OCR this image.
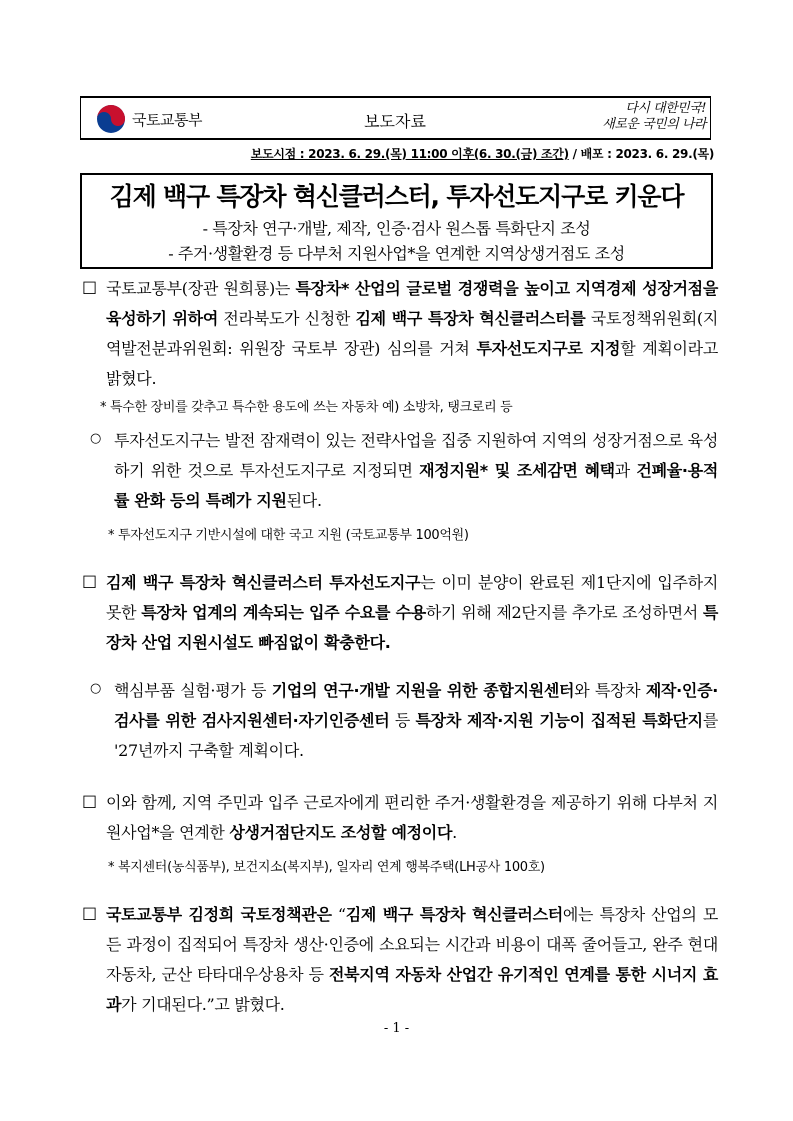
국토교통부	보도자료
다시 대한민국!
새로운 국민의 나라
보도시점 : 2023. 6. 29.(목) 11:00 이후(6. 30.(금) 조간) / 배포 : 2023. 6. 29.(목)
김제 백구 특장차 혁신클러스터, 투자선도지구로 키운다
- 특장차 연구·개발, 제작, 인증·검사 원스톱 특화단지 조성
- 주거·생활환경 등 다부처 지원사업*을 연계한 지역상생거점도 조성
□ 국토교통부(장관 원희룡)는 특장차* 산업의 글로벌 경쟁력을 높이고 지역경제 성장거점을 육성하기 위하여 전라북도가 신청한 김제 백구 특장차 혁신클러스터를 국토정책위원회(지역발전분과위원회: 위원장 국토부 장관) 심의를 거쳐 투자선도지구로 지정할 계획이라고 밝혔다.
* 특수한 장비를 갖추고 특수한 용도에 쓰는 자동차 예) 소방차, 탱크로리 등
○ 투자선도지구는 발전 잠재력이 있는 전략사업을 집중 지원하여 지역의 성장거점으로 육성하기 위한 것으로 투자선도지구로 지정되면 재정지원* 및 조세감면 혜택과 건폐율·용적률 완화 등의 특례가 지원된다.
* 투자선도지구 기반시설에 대한 국고 지원 (국토교통부 100억원)
□ 김제 백구 특장차 혁신클러스터 투자선도지구는 이미 분양이 완료된 제1단지에 입주하지 못한 특장차 업계의 계속되는 입주 수요를 수용하기 위해 제2단지를 추가로 조성하면서 특장차 산업 지원시설도 빠짐없이 확충한다.
○ 핵심부품 실험·평가 등 기업의 연구·개발 지원을 위한 종합지원센터와 특장차 제작·인증·검사를 위한 검사지원센터·자기인증센터 등 특장차 제작·지원 기능이 집적된 특화단지를 '27년까지 구축할 계획이다.
□ 이와 함께, 지역 주민과 입주 근로자에게 편리한 주거·생활환경을 제공하기 위해 다부처 지원사업*을 연계한 상생거점단지도 조성할 예정이다.
* 복지센터(농식품부), 보건지소(복지부), 일자리 연계 행복주택(LH공사 100호)
□ 국토교통부 김정희 국토정책관은 “김제 백구 특장차 혁신클러스터에는 특장차 산업의 모든 과정이 집적되어 특장차 생산·인증에 소요되는 시간과 비용이 대폭 줄어들고, 완주 현대자동차, 군산 타타대우상용차 등 전북지역 자동차 산업간 유기적인 연계를 통한 시너지 효과가 기대된다.”고 밝혔다.
- 1 -
